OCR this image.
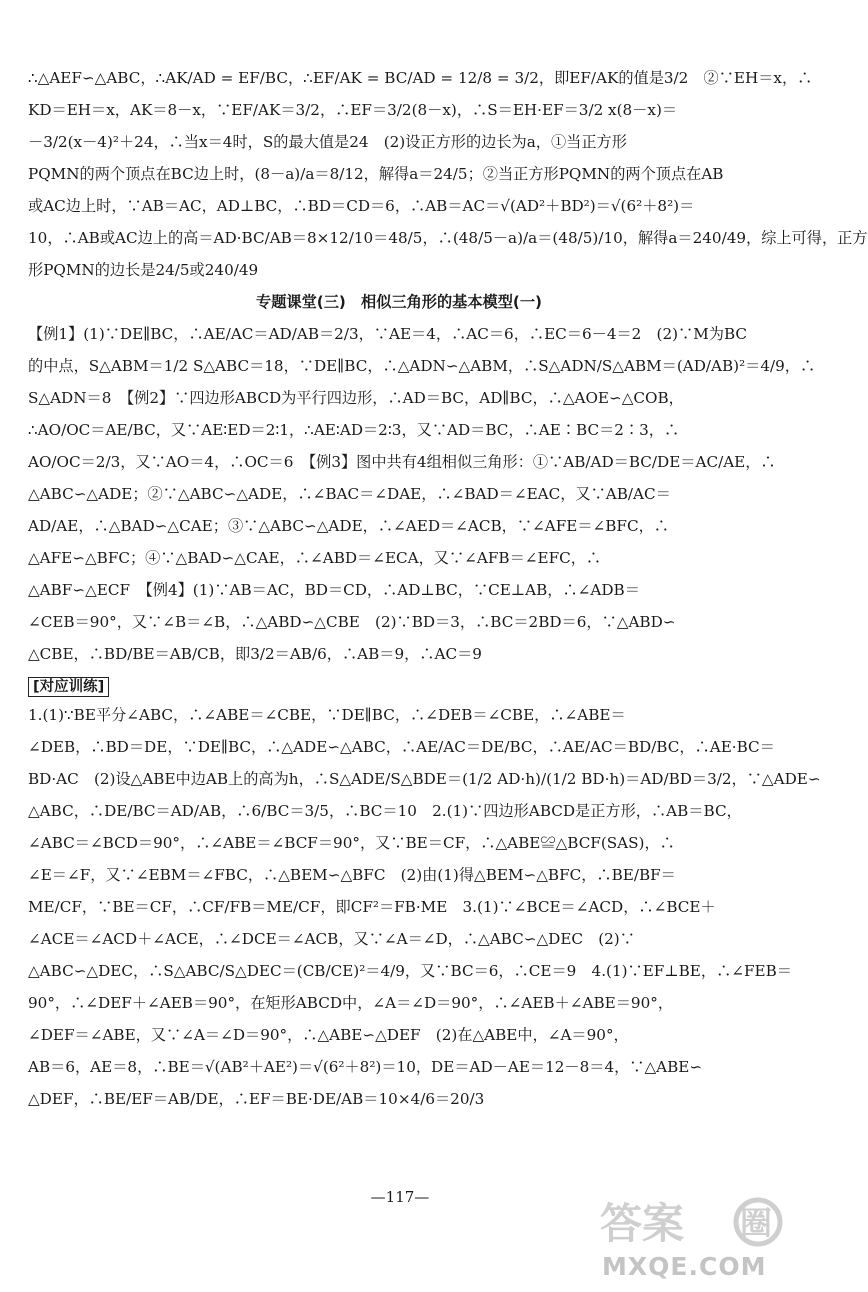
∴△AEF∽△ABC，∴AK/AD = EF/BC，∴EF/AK = BC/AD = 12/8 = 3/2，即EF/AK的值是3/2　②∵EH＝x，∴
KD＝EH＝x，AK＝8－x，∵EF/AK＝3/2，∴EF＝3/2(8－x)，∴S＝EH·EF＝3/2 x(8－x)＝
－3/2(x－4)²＋24，∴当x＝4时，S的最大值是24　(2)设正方形的边长为a，①当正方形
PQMN的两个顶点在BC边上时，(8－a)/a＝8/12，解得a＝24/5；②当正方形PQMN的两个顶点在AB
或AC边上时，∵AB＝AC，AD⊥BC，∴BD＝CD＝6，∴AB＝AC＝√(AD²＋BD²)＝√(6²＋8²)＝
10，∴AB或AC边上的高＝AD·BC/AB＝8×12/10＝48/5，∴(48/5－a)/a＝(48/5)/10，解得a＝240/49，综上可得，正方
形PQMN的边长是24/5或240/49
专题课堂(三)　相似三角形的基本模型(一)
【例1】(1)∵DE∥BC，∴AE/AC＝AD/AB＝2/3，∵AE＝4，∴AC＝6，∴EC＝6－4＝2　(2)∵M为BC
的中点，S△ABM＝1/2 S△ABC＝18，∵DE∥BC，∴△ADN∽△ABM，∴S△ADN/S△ABM＝(AD/AB)²＝4/9，∴
S△ADN＝8　【例2】∵四边形ABCD为平行四边形，∴AD＝BC，AD∥BC，∴△AOE∽△COB，
∴AO/OC＝AE/BC，又∵AE∶ED＝2∶1，∴AE∶AD＝2∶3，又∵AD＝BC，∴AE∶BC＝2∶3，∴
AO/OC＝2/3，又∵AO＝4，∴OC＝6　【例3】图中共有4组相似三角形：①∵AB/AD＝BC/DE＝AC/AE，∴
△ABC∽△ADE；②∵△ABC∽△ADE，∴∠BAC＝∠DAE，∴∠BAD＝∠EAC，又∵AB/AC＝
AD/AE，∴△BAD∽△CAE；③∵△ABC∽△ADE，∴∠AED＝∠ACB，∵∠AFE＝∠BFC，∴
△AFE∽△BFC；④∵△BAD∽△CAE，∴∠ABD＝∠ECA，又∵∠AFB＝∠EFC，∴
△ABF∽△ECF　【例4】(1)∵AB＝AC，BD＝CD，∴AD⊥BC，∵CE⊥AB，∴∠ADB＝
∠CEB＝90°，又∵∠B＝∠B，∴△ABD∽△CBE　(2)∵BD＝3，∴BC＝2BD＝6，∵△ABD∽
△CBE，∴BD/BE＝AB/CB，即3/2＝AB/6，∴AB＝9，∴AC＝9
[对应训练]
1.(1)∵BE平分∠ABC，∴∠ABE＝∠CBE，∵DE∥BC，∴∠DEB＝∠CBE，∴∠ABE＝
∠DEB，∴BD＝DE，∵DE∥BC，∴△ADE∽△ABC，∴AE/AC＝DE/BC，∴AE/AC＝BD/BC，∴AE·BC＝
BD·AC　(2)设△ABE中边AB上的高为h，∴S△ADE/S△BDE＝(1/2 AD·h)/(1/2 BD·h)＝AD/BD＝3/2，∵△ADE∽
△ABC，∴DE/BC＝AD/AB，∴6/BC＝3/5，∴BC＝10　2.(1)∵四边形ABCD是正方形，∴AB＝BC，
∠ABC＝∠BCD＝90°，∴∠ABE＝∠BCF＝90°，又∵BE＝CF，∴△ABE≌△BCF(SAS)，∴
∠E＝∠F，又∵∠EBM＝∠FBC，∴△BEM∽△BFC　(2)由(1)得△BEM∽△BFC，∴BE/BF＝
ME/CF，∵BE＝CF，∴CF/FB＝ME/CF，即CF²＝FB·ME　3.(1)∵∠BCE＝∠ACD，∴∠BCE＋
∠ACE＝∠ACD＋∠ACE，∴∠DCE＝∠ACB，又∵∠A＝∠D，∴△ABC∽△DEC　(2)∵
△ABC∽△DEC，∴S△ABC/S△DEC＝(CB/CE)²＝4/9，又∵BC＝6，∴CE＝9　4.(1)∵EF⊥BE，∴∠FEB＝
90°，∴∠DEF＋∠AEB＝90°，在矩形ABCD中，∠A＝∠D＝90°，∴∠AEB＋∠ABE＝90°，
∠DEF＝∠ABE，又∵∠A＝∠D＝90°，∴△ABE∽△DEF　(2)在△ABE中，∠A＝90°，
AB＝6，AE＝8，∴BE＝√(AB²＋AE²)＝√(6²＋8²)＝10，DE＝AD－AE＝12－8＝4，∵△ABE∽
△DEF，∴BE/EF＝AB/DE，∴EF＝BE·DE/AB＝10×4/6＝20/3
—117—
答案 圈
MXQE.COM
